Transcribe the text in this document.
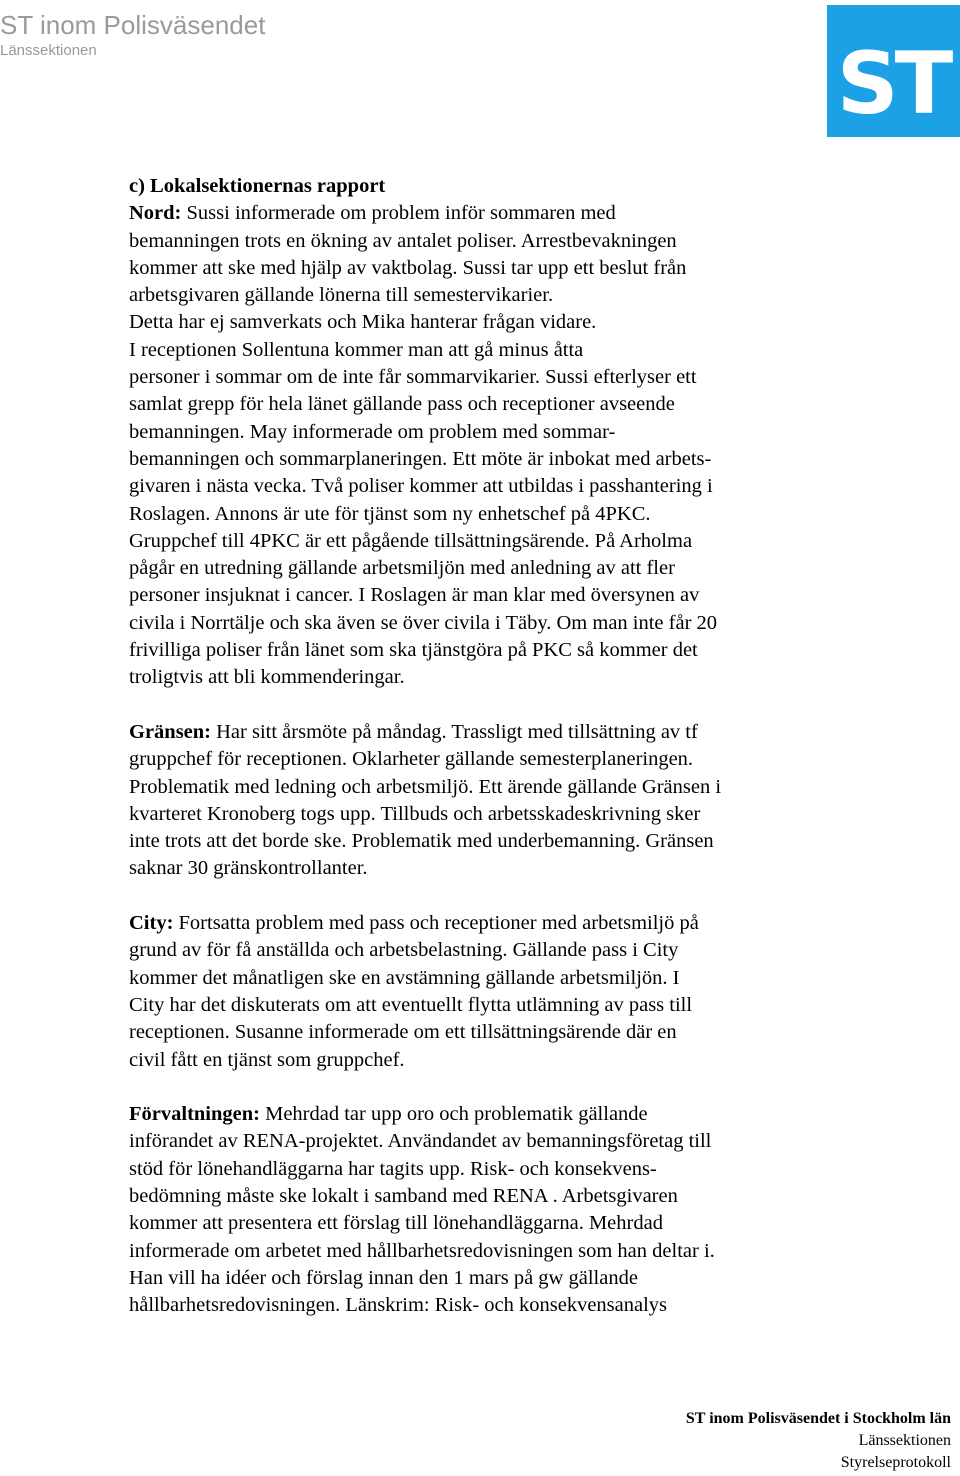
ST inom Polisväsendet
Länssektionen	ST
c) Lokalsektionernas rapport
Nord: Sussi informerade om problem inför sommaren med
bemanningen trots en ökning av antalet poliser. Arrestbevakningen
kommer att ske med hjälp av vaktbolag. Sussi tar upp ett beslut från
arbetsgivaren gällande lönerna till semestervikarier.
Detta har ej samverkats och Mika hanterar frågan vidare.
I receptionen Sollentuna kommer man att gå minus åtta
personer i sommar om de inte får sommarvikarier. Sussi efterlyser ett
samlat grepp för hela länet gällande pass och receptioner avseende
bemanningen. May informerade om problem med sommar-
bemanningen och sommarplaneringen. Ett möte är inbokat med arbets-
givaren i nästa vecka. Två poliser kommer att utbildas i passhantering i
Roslagen. Annons är ute för tjänst som ny enhetschef på 4PKC.
Gruppchef till 4PKC är ett pågående tillsättningsärende. På Arholma
pågår en utredning gällande arbetsmiljön med anledning av att fler
personer insjuknat i cancer. I Roslagen är man klar med översynen av
civila i Norrtälje och ska även se över civila i Täby. Om man inte får 20
frivilliga poliser från länet som ska tjänstgöra på PKC så kommer det
troligtvis att bli kommenderingar.
Gränsen: Har sitt årsmöte på måndag. Trassligt med tillsättning av tf
gruppchef för receptionen. Oklarheter gällande semesterplaneringen.
Problematik med ledning och arbetsmiljö. Ett ärende gällande Gränsen i
kvarteret Kronoberg togs upp. Tillbuds och arbetsskadeskrivning sker
inte trots att det borde ske. Problematik med underbemanning. Gränsen
saknar 30 gränskontrollanter.
City: Fortsatta problem med pass och receptioner med arbetsmiljö på
grund av för få anställda och arbetsbelastning. Gällande pass i City
kommer det månatligen ske en avstämning gällande arbetsmiljön. I
City har det diskuterats om att eventuellt flytta utlämning av pass till
receptionen. Susanne informerade om ett tillsättningsärende där en
civil fått en tjänst som gruppchef.
Förvaltningen: Mehrdad tar upp oro och problematik gällande
införandet av RENA-projektet. Användandet av bemanningsföretag till
stöd för lönehandläggarna har tagits upp. Risk- och konsekvens-
bedömning måste ske lokalt i samband med RENA . Arbetsgivaren
kommer att presentera ett förslag till lönehandläggarna. Mehrdad
informerade om arbetet med hållbarhetsredovisningen som han deltar i.
Han vill ha idéer och förslag innan den 1 mars på gw gällande
hållbarhetsredovisningen. Länskrim: Risk- och konsekvensanalys
ST inom Polisväsendet i Stockholm län
Länssektionen
Styrelseprotokoll
